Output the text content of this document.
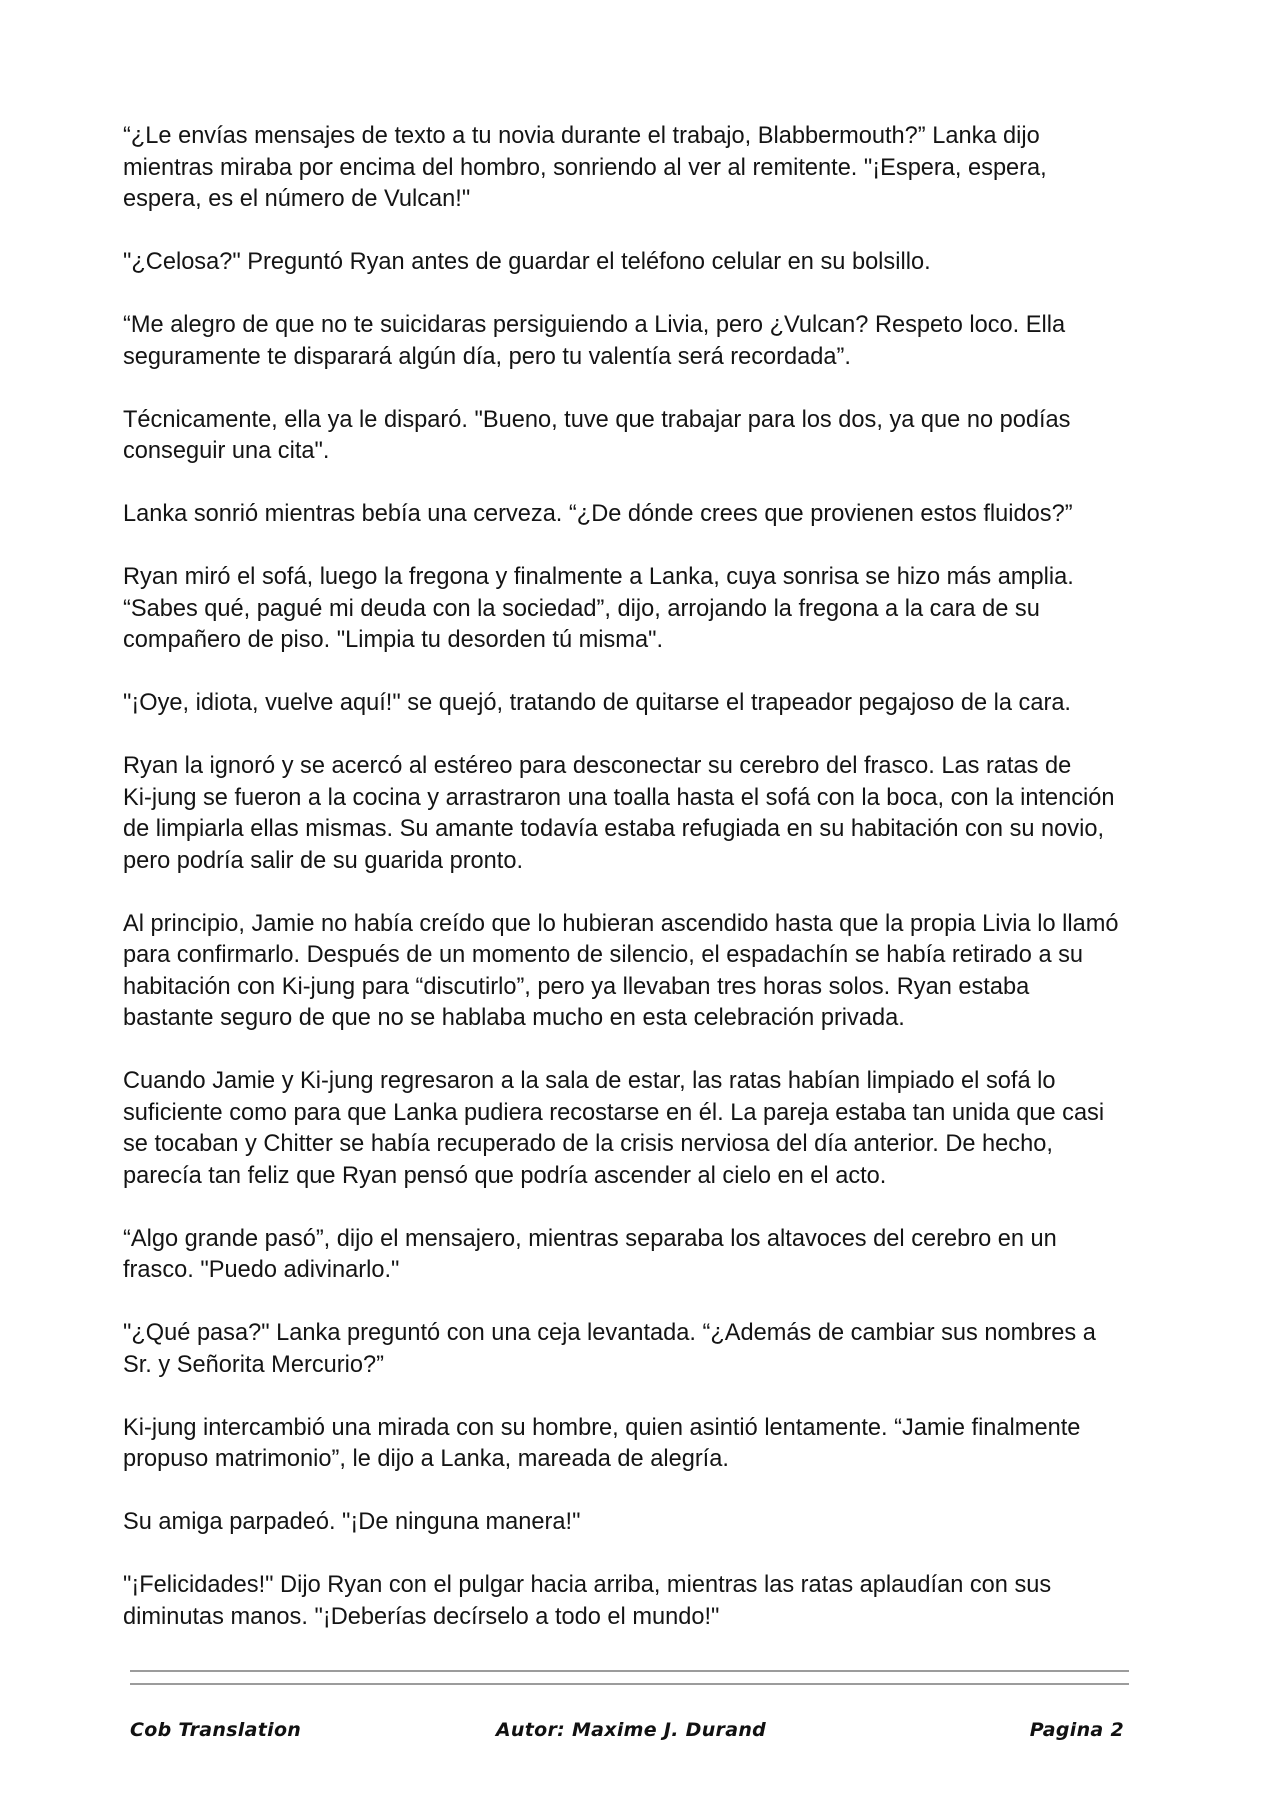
“¿Le envías mensajes de texto a tu novia durante el trabajo, Blabbermouth?” Lanka dijo
mientras miraba por encima del hombro, sonriendo al ver al remitente. "¡Espera, espera,
espera, es el número de Vulcan!"
"¿Celosa?" Preguntó Ryan antes de guardar el teléfono celular en su bolsillo.
“Me alegro de que no te suicidaras persiguiendo a Livia, pero ¿Vulcan? Respeto loco. Ella
seguramente te disparará algún día, pero tu valentía será recordada”.
Técnicamente, ella ya le disparó. "Bueno, tuve que trabajar para los dos, ya que no podías
conseguir una cita".
Lanka sonrió mientras bebía una cerveza. “¿De dónde crees que provienen estos fluidos?”
Ryan miró el sofá, luego la fregona y finalmente a Lanka, cuya sonrisa se hizo más amplia.
“Sabes qué, pagué mi deuda con la sociedad”, dijo, arrojando la fregona a la cara de su
compañero de piso. "Limpia tu desorden tú misma".
"¡Oye, idiota, vuelve aquí!" se quejó, tratando de quitarse el trapeador pegajoso de la cara.
Ryan la ignoró y se acercó al estéreo para desconectar su cerebro del frasco. Las ratas de
Ki-jung se fueron a la cocina y arrastraron una toalla hasta el sofá con la boca, con la intención
de limpiarla ellas mismas. Su amante todavía estaba refugiada en su habitación con su novio,
pero podría salir de su guarida pronto.
Al principio, Jamie no había creído que lo hubieran ascendido hasta que la propia Livia lo llamó
para confirmarlo. Después de un momento de silencio, el espadachín se había retirado a su
habitación con Ki-jung para “discutirlo”, pero ya llevaban tres horas solos. Ryan estaba
bastante seguro de que no se hablaba mucho en esta celebración privada.
Cuando Jamie y Ki-jung regresaron a la sala de estar, las ratas habían limpiado el sofá lo
suficiente como para que Lanka pudiera recostarse en él. La pareja estaba tan unida que casi
se tocaban y Chitter se había recuperado de la crisis nerviosa del día anterior. De hecho,
parecía tan feliz que Ryan pensó que podría ascender al cielo en el acto.
“Algo grande pasó”, dijo el mensajero, mientras separaba los altavoces del cerebro en un
frasco. "Puedo adivinarlo."
"¿Qué pasa?" Lanka preguntó con una ceja levantada. “¿Además de cambiar sus nombres a
Sr. y Señorita Mercurio?”
Ki-jung intercambió una mirada con su hombre, quien asintió lentamente. “Jamie finalmente
propuso matrimonio”, le dijo a Lanka, mareada de alegría.
Su amiga parpadeó. "¡De ninguna manera!"
"¡Felicidades!" Dijo Ryan con el pulgar hacia arriba, mientras las ratas aplaudían con sus
diminutas manos. "¡Deberías decírselo a todo el mundo!"
Cob Translation	Autor: Maxime J. Durand	Pagina 2
